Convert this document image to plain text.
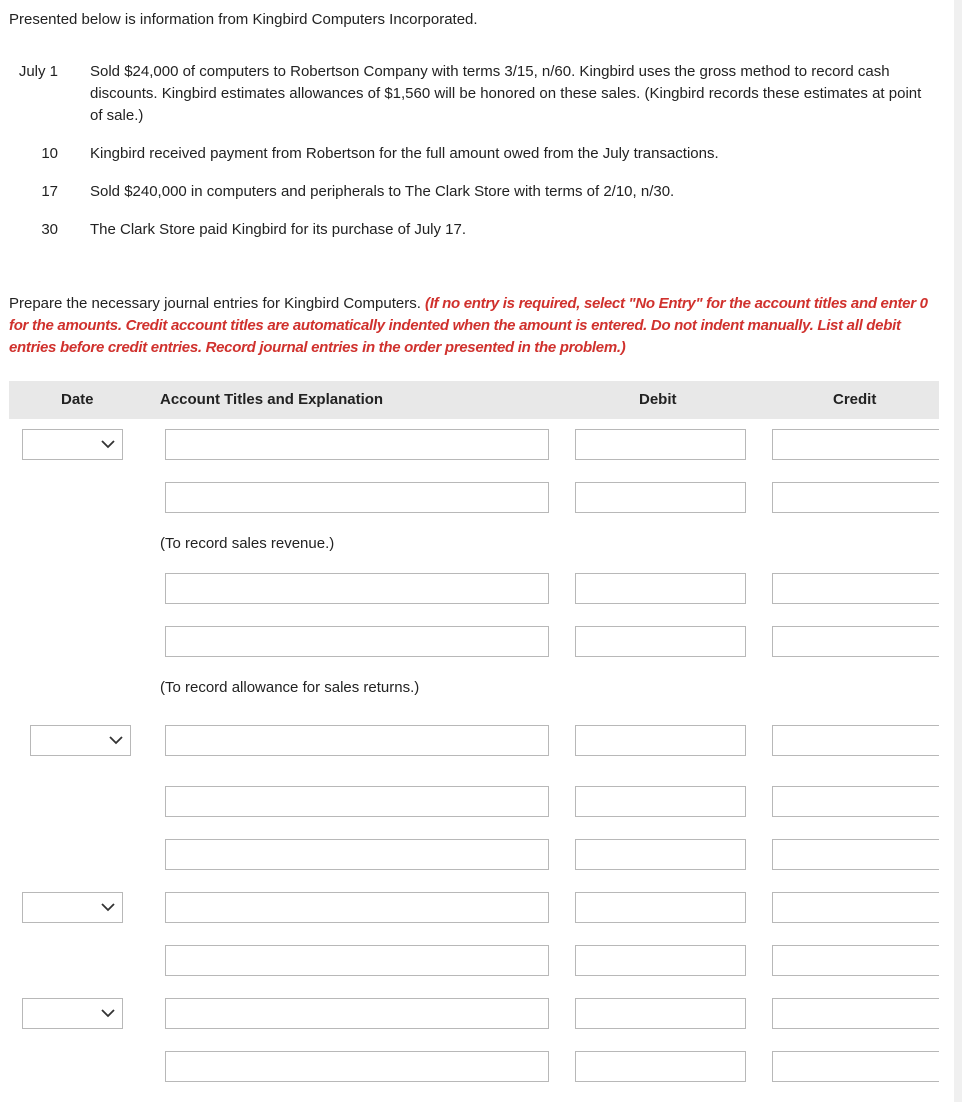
Presented below is information from Kingbird Computers Incorporated.
July 1 Sold $24,000 of computers to Robertson Company with terms 3/15, n/60. Kingbird uses the gross method to record cash discounts. Kingbird estimates allowances of $1,560 will be honored on these sales. (Kingbird records these estimates at point of sale.)
10 Kingbird received payment from Robertson for the full amount owed from the July transactions.
17 Sold $240,000 in computers and peripherals to The Clark Store with terms of 2/10, n/30.
30 The Clark Store paid Kingbird for its purchase of July 17.
Prepare the necessary journal entries for Kingbird Computers. (If no entry is required, select "No Entry" for the account titles and enter 0 for the amounts. Credit account titles are automatically indented when the amount is entered. Do not indent manually. List all debit entries before credit entries. Record journal entries in the order presented in the problem.)
Date	Account Titles and Explanation	Debit	Credit
(To record sales revenue.)
(To record allowance for sales returns.)
